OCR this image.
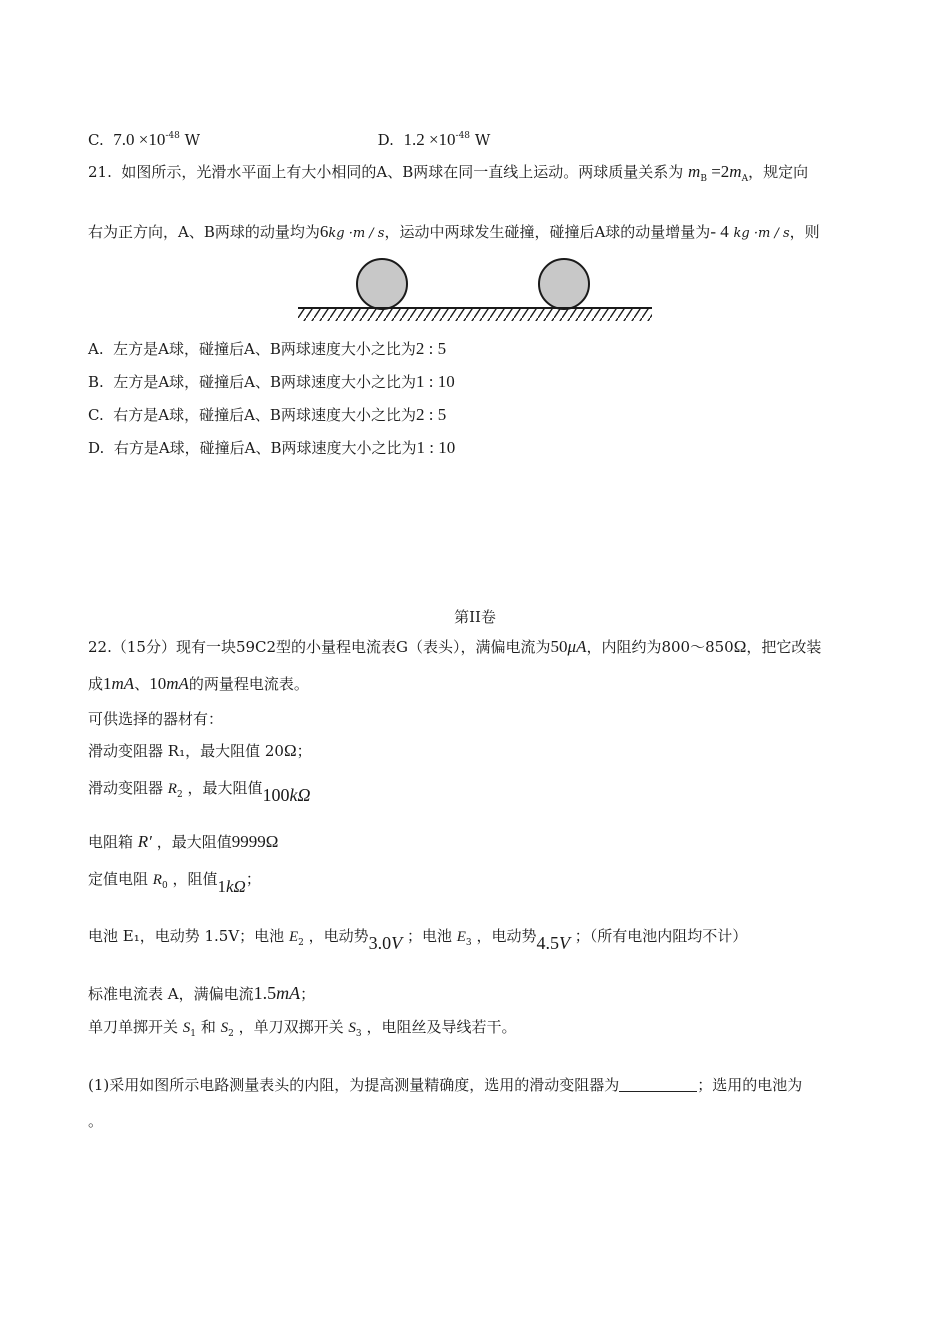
C. $7.0 \times 10^{-48}$ W	D. $1.2 \times 10^{-48}$ W
21. 如图所示，光滑水平面上有大小相同的A、B两球在同一直线上运动。两球质量关系为 $m_B =2m_A$，规定向
右为正方向，A、B两球的动量均为6kg ·m / s，运动中两球发生碰撞，碰撞后A球的动量增量为- 4 kg ·m / s，则
A. 左方是A球，碰撞后A、B两球速度大小之比为2 : 5
B. 左方是A球，碰撞后A、B两球速度大小之比为1 : 10
C. 右方是A球，碰撞后A、B两球速度大小之比为2 : 5
D. 右方是A球，碰撞后A、B两球速度大小之比为1 : 10
第II卷
22.（15分）现有一块59C2型的小量程电流表G（表头），满偏电流为50μA，内阻约为800～850Ω，把它改装
成1mA、10mA的两量程电流表。
可供选择的器材有：
滑动变阻器 R₁，最大阻值 20Ω；
滑动变阻器 $R_2$ ，最大阻值100kΩ
电阻箱 R′ ，最大阻值9999Ω
定值电阻 $R_0$ ，阻值1kΩ；
电池 E₁，电动势 1.5V；电池 $E_2$ ，电动势3.0V ；电池 $E_3$ ，电动势4.5V ；（所有电池内阻均不计）
标准电流表 A，满偏电流1.5mA；
单刀单掷开关 $S_1$ 和 $S_2$ ，单刀双掷开关 $S_3$ ，电阻丝及导线若干。
(1)采用如图所示电路测量表头的内阻，为提高测量精确度，选用的滑动变阻器为	；选用的电池为
。
